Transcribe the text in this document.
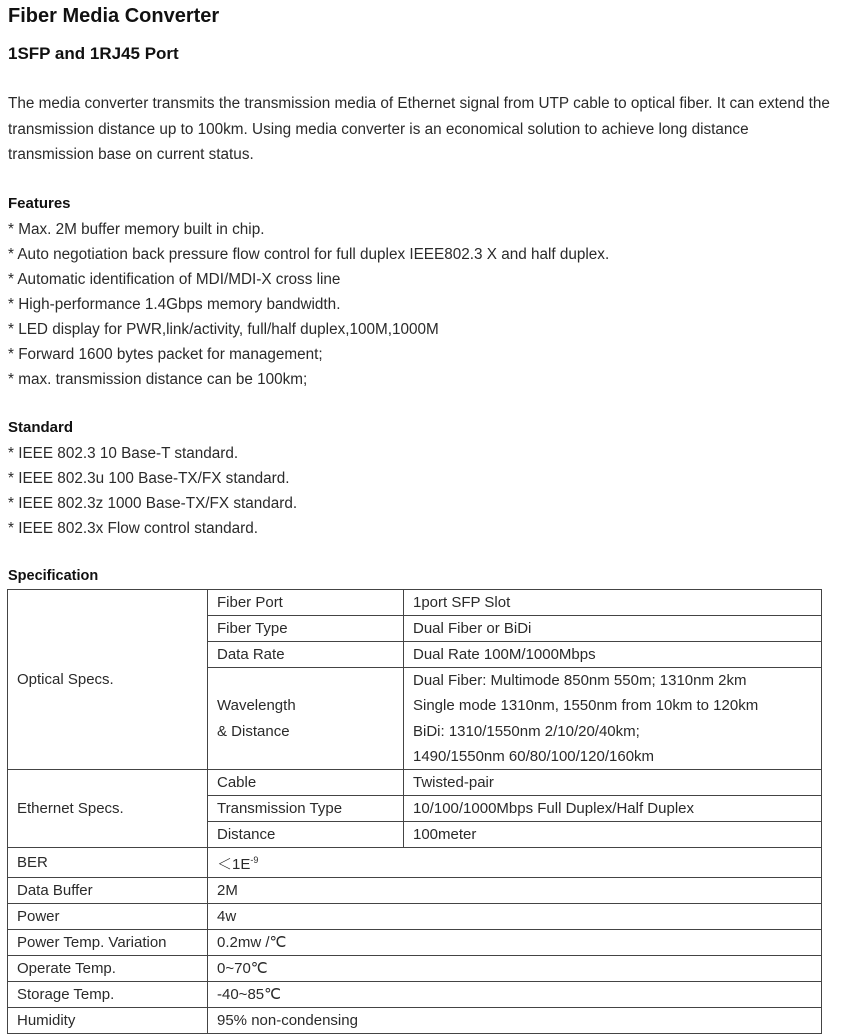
Fiber Media Converter
1SFP and 1RJ45 Port

The media converter transmits the transmission media of Ethernet signal from UTP cable to optical fiber. It can extend the transmission distance up to 100km. Using media converter is an economical solution to achieve long distance transmission base on current status.

Features
* Max. 2M buffer memory built in chip.
* Auto negotiation back pressure flow control for full duplex IEEE802.3 X and half duplex.
* Automatic identification of MDI/MDI-X cross line
* High-performance 1.4Gbps memory bandwidth.
* LED display for PWR,link/activity, full/half duplex,100M,1000M
* Forward 1600 bytes packet for management;
* max. transmission distance can be 100km;
Standard
* IEEE 802.3 10 Base-T standard.
* IEEE 802.3u 100 Base-TX/FX standard.
* IEEE 802.3z 1000 Base-TX/FX standard.
* IEEE 802.3x Flow control standard.
Specification
Optical Specs.	Fiber Port	1port SFP Slot
	Fiber Type	Dual Fiber or BiDi
	Data Rate	Dual Rate 100M/1000Mbps

	Wavelength
& Distance	Dual Fiber: Multimode 850nm 550m; 1310nm 2km
Single mode 1310nm, 1550nm from 10km to 120km
BiDi: 1310/1550nm 2/10/20/40km;
1490/1550nm 60/80/100/120/160km

Ethernet Specs.	Cable	Twisted-pair
	Transmission Type	10/100/1000Mbps Full Duplex/Half Duplex
	Distance	100meter
BER	$<1E^{-9}$
Data Buffer	2M	
Power	4w	
Power Temp. Variation	0.2mw /℃	
Operate Temp.	0~70℃	
Storage Temp.	-40~85℃	
Humidity	95% non-condensing	
